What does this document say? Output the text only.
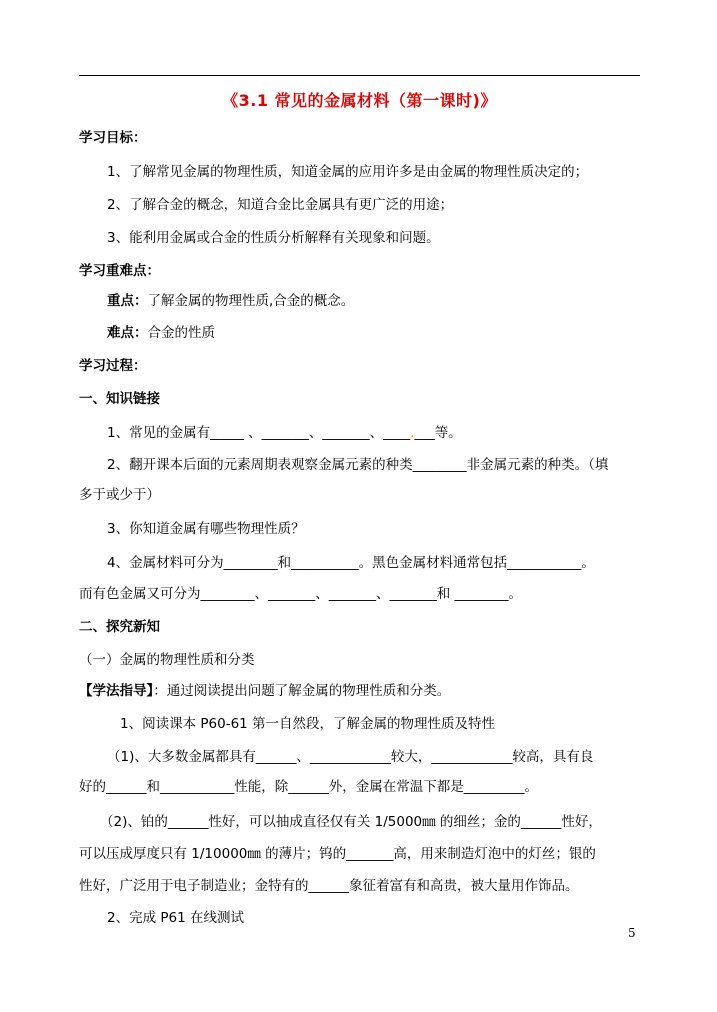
《3.1 常见的金属材料（第一课时)》
学习目标：
1、了解常见金属的物理性质，知道金属的应用许多是由金属的物理性质决定的；
2、了解合金的概念，知道合金比金属具有更广泛的用途；
3、能利用金属或合金的性质分析解释有关现象和问题。
学习重难点：
重点：了解金属的物理性质,合金的概念。
难点：合金的性质
学习过程：
一、知识链接
1、常见的金属有_____ 、_______、_______、____.___等。
2、翻开课本后面的元素周期表观察金属元素的种类________非金属元素的种类。（填
多于或少于）
3、你知道金属有哪些物理性质？
4、金属材料可分为________和__________。黑色金属材料通常包括___________。
而有色金属又可分为________、_______、_______、_______和 ________。
二、探究新知
（一）金属的物理性质和分类
【学法指导】：通过阅读提出问题了解金属的物理性质和分类。
1、阅读课本 P60-61 第一自然段，了解金属的物理性质及特性
（1)、大多数金属都具有______、____________较大，____________较高，具有良
好的______和___________性能，除______外，金属在常温下都是_________。
（2)、铂的______性好，可以抽成直径仅有关 1/5000㎜ 的细丝；金的______性好，
可以压成厚度只有 1/10000㎜ 的薄片；钨的_______高，用来制造灯泡中的灯丝；银的
性好，广泛用于电子制造业；金特有的______象征着富有和高贵，被大量用作饰品。
2、完成 P61 在线测试
5
